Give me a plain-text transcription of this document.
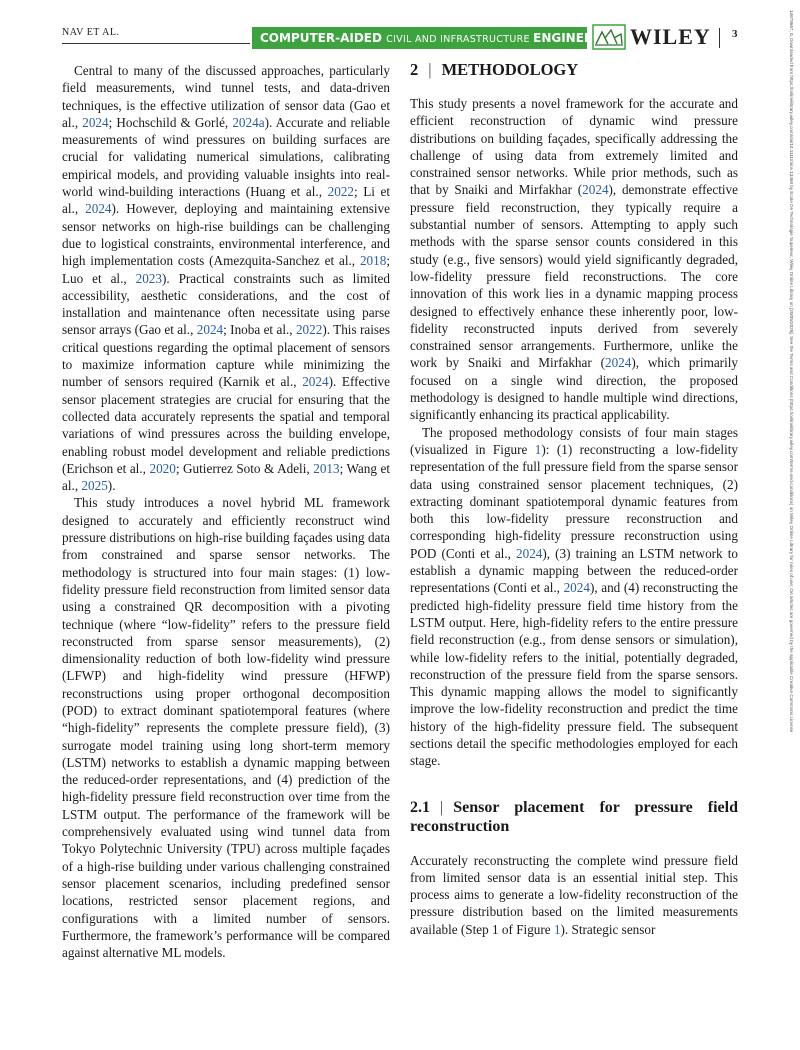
NAV ET AL.	COMPUTER-AIDED CIVIL AND INFRASTRUCTURE ENGINEERING WILEY 3	14678667, 0, Downloaded from https://onlinelibrary.wiley.com/doi/10.1111/mice.13469 by Ecole De Technologie Superieur, Wiley Online Library on [20/05/2025]. See the Terms and Conditions (https://onlinelibrary.wiley.com/terms-and-conditions) on Wiley Online Library for rules of use; OA articles are governed by the applicable Creative Commons License

Central to many of the discussed approaches, particularly field measurements, wind tunnel tests, and data-driven techniques, is the effective utilization of sensor data (Gao et al., 2024; Hochschild & Gorlé, 2024a). Accurate and reliable measurements of wind pressures on building surfaces are crucial for validating numerical simulations, calibrating empirical models, and providing valuable insights into real-world wind-building interactions (Huang et al., 2022; Li et al., 2024). However, deploying and maintaining extensive sensor networks on high-rise buildings can be challenging due to logistical constraints, environmental interference, and high implementation costs (Amezquita-Sanchez et al., 2018; Luo et al., 2023). Practical constraints such as limited accessibility, aesthetic considerations, and the cost of installation and maintenance often necessitate using parse sensor arrays (Gao et al., 2024; Inoba et al., 2022). This raises critical questions regarding the optimal placement of sensors to maximize information capture while minimizing the number of sensors required (Karnik et al., 2024). Effective sensor placement strategies are crucial for ensuring that the collected data accurately represents the spatial and temporal variations of wind pressures across the building envelope, enabling robust model development and reliable predictions (Erichson et al., 2020; Gutierrez Soto & Adeli, 2013; Wang et al., 2025).

This study introduces a novel hybrid ML framework designed to accurately and efficiently reconstruct wind pressure distributions on high-rise building façades using data from constrained and sparse sensor networks. The methodology is structured into four main stages: (1) low-fidelity pressure field reconstruction from limited sensor data using a constrained QR decomposition with a pivoting technique (where “low-fidelity” refers to the pressure field reconstructed from sparse sensor measurements), (2) dimensionality reduction of both low-fidelity wind pressure (LFWP) and high-fidelity wind pressure (HFWP) reconstructions using proper orthogonal decomposition (POD) to extract dominant spatiotemporal features (where “high-fidelity” represents the complete pressure field), (3) surrogate model training using long short-term memory (LSTM) networks to establish a dynamic mapping between the reduced-order representations, and (4) prediction of the high-fidelity pressure field reconstruction over time from the LSTM output. The performance of the framework will be comprehensively evaluated using wind tunnel data from Tokyo Polytechnic University (TPU) across multiple façades of a high-rise building under various challenging constrained sensor placement scenarios, including predefined sensor locations, restricted sensor placement regions, and configurations with a limited number of sensors. Furthermore, the framework’s performance will be compared against alternative ML models.

2 | METHODOLOGY

This study presents a novel framework for the accurate and efficient reconstruction of dynamic wind pressure distributions on building façades, specifically addressing the challenge of using data from extremely limited and constrained sensor networks. While prior methods, such as that by Snaiki and Mirfakhar (2024), demonstrate effective pressure field reconstruction, they typically require a substantial number of sensors. Attempting to apply such methods with the sparse sensor counts considered in this study (e.g., five sensors) would yield significantly degraded, low-fidelity pressure field reconstructions. The core innovation of this work lies in a dynamic mapping process designed to effectively enhance these inherently poor, low-fidelity reconstructed inputs derived from severely constrained sensor arrangements. Furthermore, unlike the work by Snaiki and Mirfakhar (2024), which primarily focused on a single wind direction, the proposed methodology is designed to handle multiple wind directions, significantly enhancing its practical applicability.

The proposed methodology consists of four main stages (visualized in Figure 1): (1) reconstructing a low-fidelity representation of the full pressure field from the sparse sensor data using constrained sensor placement techniques, (2) extracting dominant spatiotemporal dynamic features from both this low-fidelity pressure reconstruction and corresponding high-fidelity pressure reconstruction using POD (Conti et al., 2024), (3) training an LSTM network to establish a dynamic mapping between the reduced-order representations (Conti et al., 2024), and (4) reconstructing the predicted high-fidelity pressure field time history from the LSTM output. Here, high-fidelity refers to the entire pressure field reconstruction (e.g., from dense sensors or simulation), while low-fidelity refers to the initial, potentially degraded, reconstruction of the pressure field from the sparse sensors. This dynamic mapping allows the model to significantly improve the low-fidelity reconstruction and predict the time history of the high-fidelity pressure field. The subsequent sections detail the specific methodologies employed for each stage.

2.1 | Sensor placement for pressure field reconstruction

Accurately reconstructing the complete wind pressure field from limited sensor data is an essential initial step. This process aims to generate a low-fidelity reconstruction of the pressure distribution based on the limited measurements available (Step 1 of Figure 1). Strategic sensor
